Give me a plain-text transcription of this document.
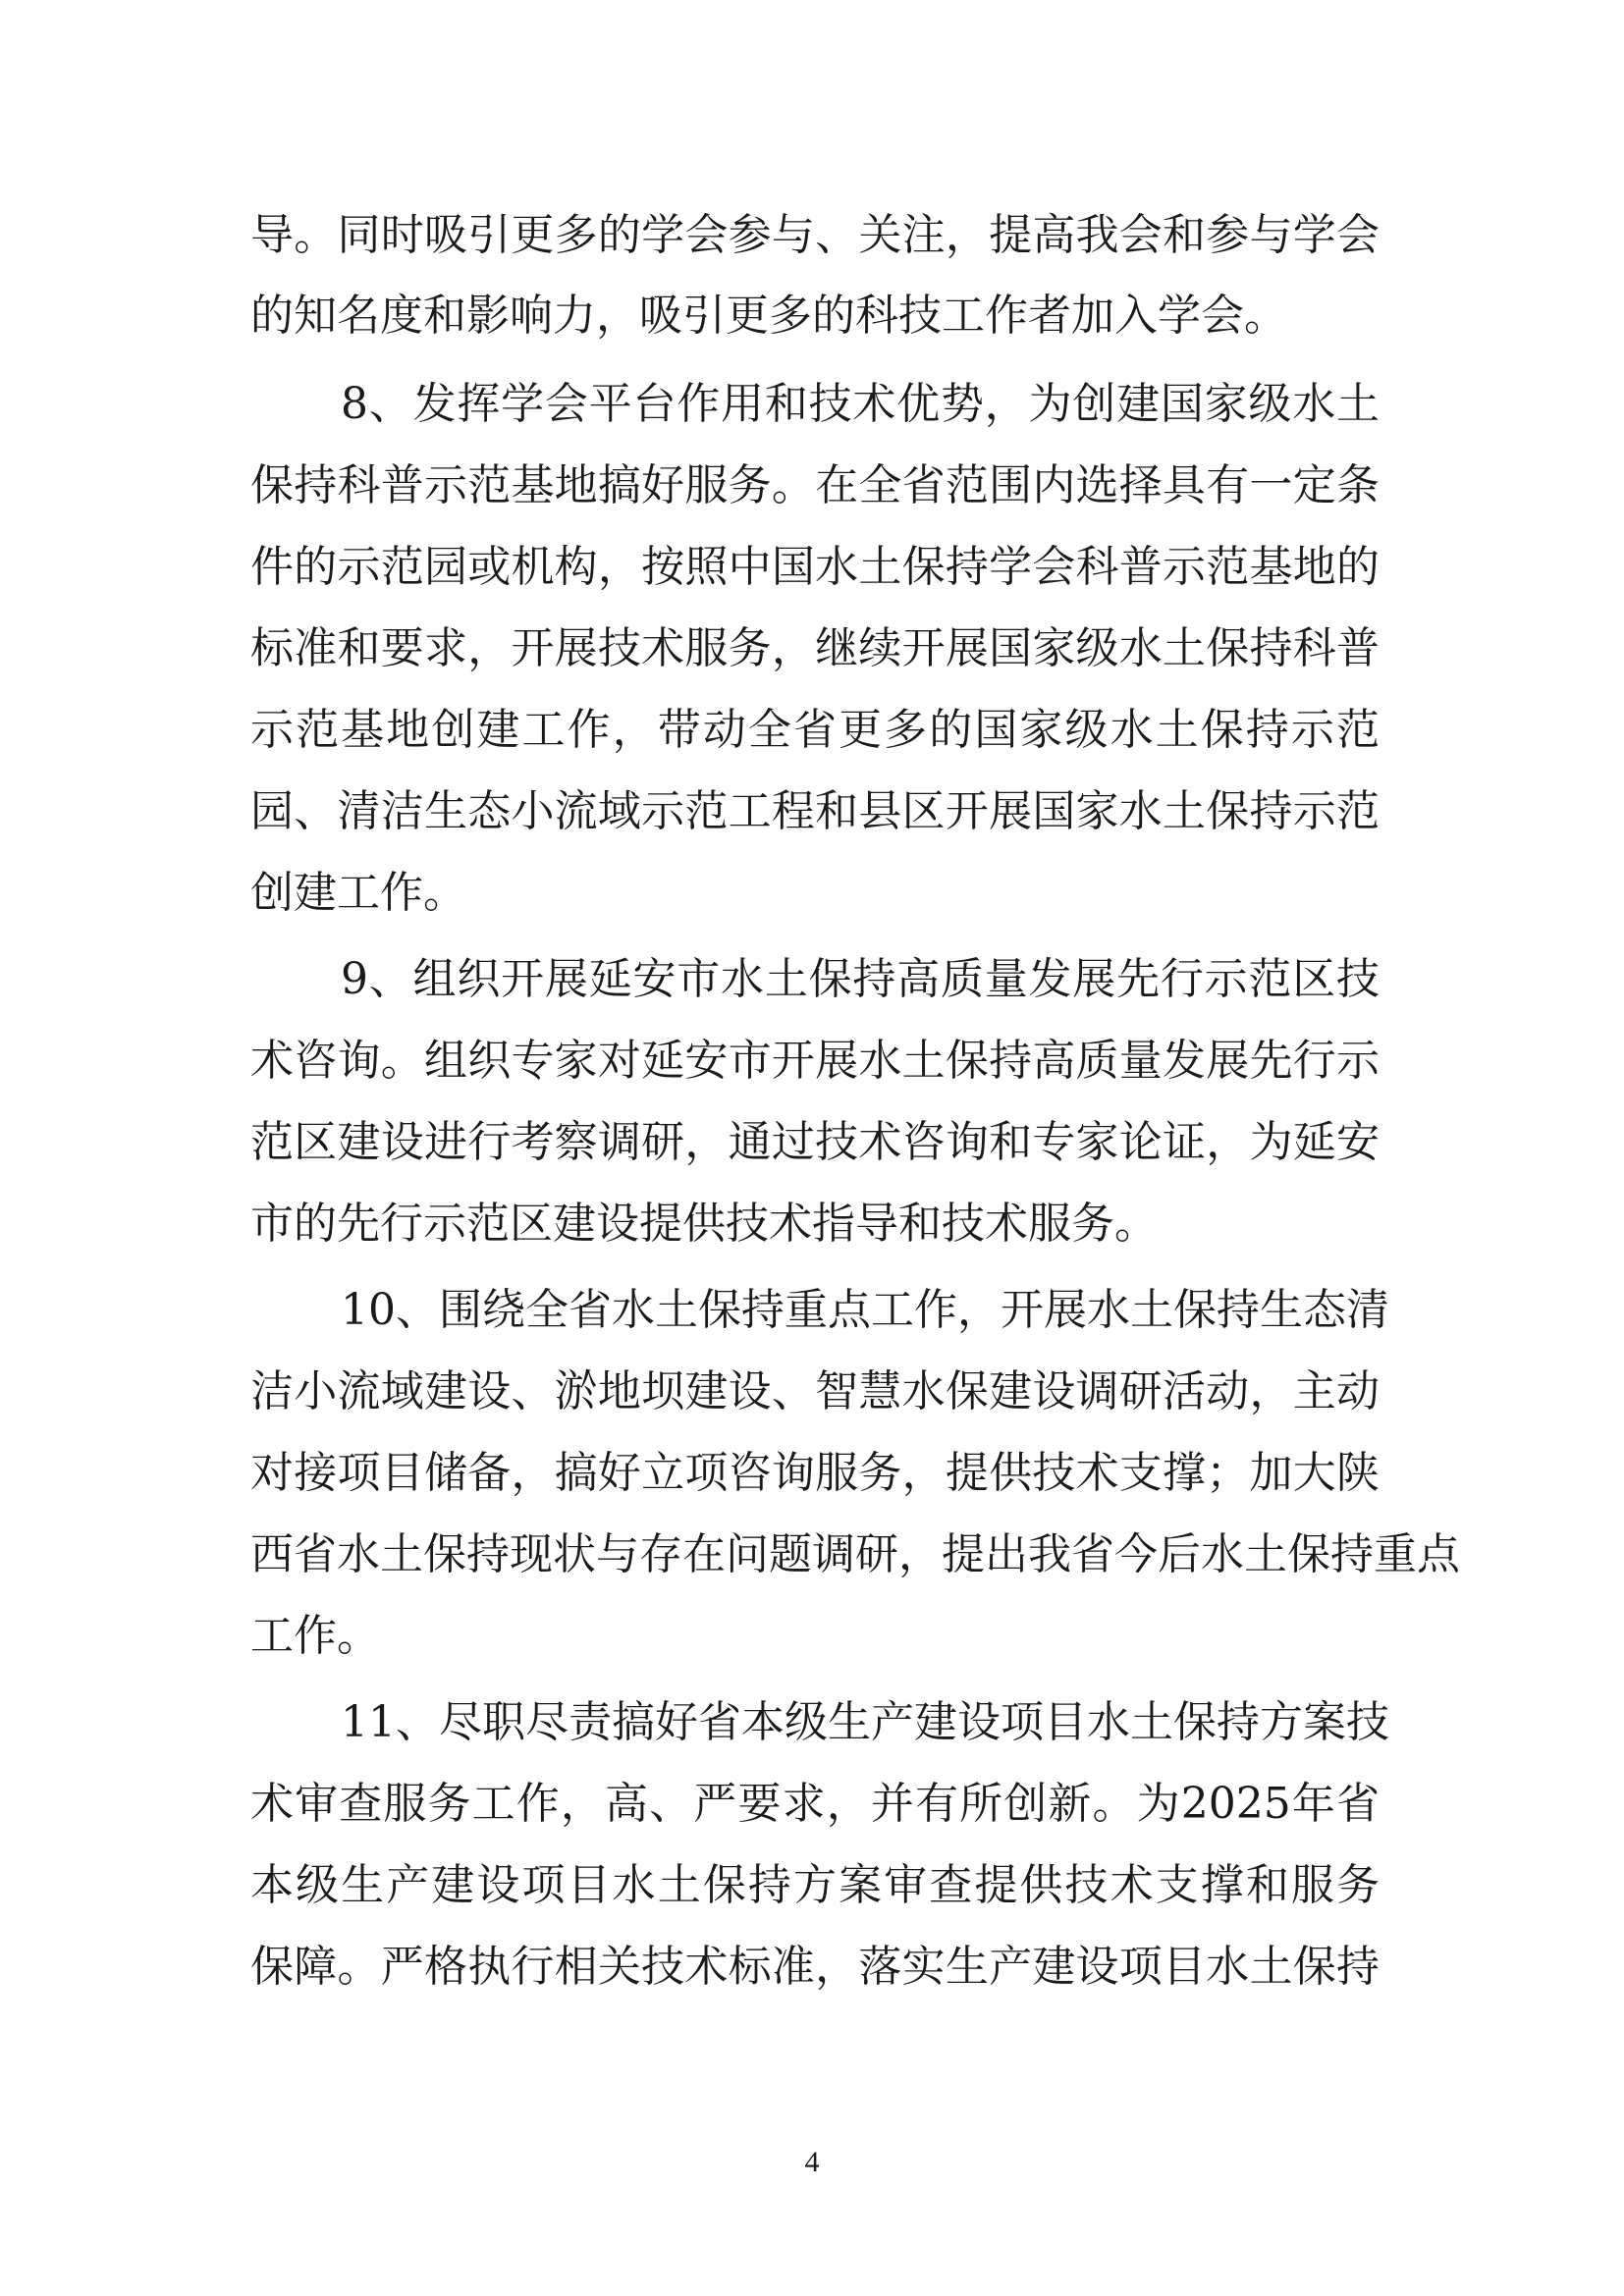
导。同时吸引更多的学会参与、关注，提高我会和参与学会
的知名度和影响力，吸引更多的科技工作者加入学会。
8、发挥学会平台作用和技术优势，为创建国家级水土
保持科普示范基地搞好服务。在全省范围内选择具有一定条
件的示范园或机构，按照中国水土保持学会科普示范基地的
标准和要求，开展技术服务，继续开展国家级水土保持科普
示范基地创建工作，带动全省更多的国家级水土保持示范
园、清洁生态小流域示范工程和县区开展国家水土保持示范
创建工作。
9、组织开展延安市水土保持高质量发展先行示范区技
术咨询。组织专家对延安市开展水土保持高质量发展先行示
范区建设进行考察调研，通过技术咨询和专家论证，为延安
市的先行示范区建设提供技术指导和技术服务。
10、围绕全省水土保持重点工作，开展水土保持生态清
洁小流域建设、淤地坝建设、智慧水保建设调研活动，主动
对接项目储备，搞好立项咨询服务，提供技术支撑；加大陕
西省水土保持现状与存在问题调研，提出我省今后水土保持重点
工作。
11、尽职尽责搞好省本级生产建设项目水土保持方案技
术审查服务工作，高、严要求，并有所创新。为2025年省
本级生产建设项目水土保持方案审查提供技术支撑和服务
保障。严格执行相关技术标准，落实生产建设项目水土保持
4
